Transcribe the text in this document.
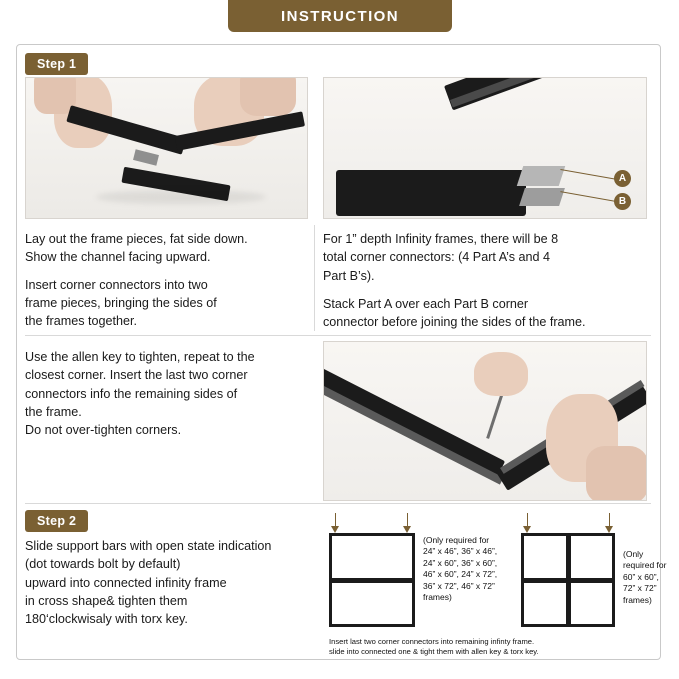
INSTRUCTION
Step 1
A
B
Lay out the frame pieces, fat side down.
Show the channel facing upward.
Insert corner connectors into two
frame pieces, bringing the sides of
the frames together.
For 1” depth Infinity frames, there will be 8
total corner connectors: (4 Part A’s and 4
Part B’s).
Stack Part A over each Part B corner
connector before joining the sides of the frame.
Use the allen key to tighten, repeat to the
closest corner. Insert the last two corner
connectors info the remaining sides of
the frame.
Do not over-tighten corners.
Step 2
Slide support bars with open state indication
(dot towards bolt by default)
upward into connected infinity frame
in cross shape& tighten them
180‘clockwisaly with torx key.
(Only required for
24” x 46”, 36” x 46”,
24” x 60”, 36” x 60”,
46” x 60”, 24” x 72”,
36” x 72”, 46” x 72”
frames)
(Only
required for
60” x 60”,
72” x 72”
frames)
Insert last two corner connectors into remaining infinty frame.
slide into connected one & tight them with allen key & torx key.
